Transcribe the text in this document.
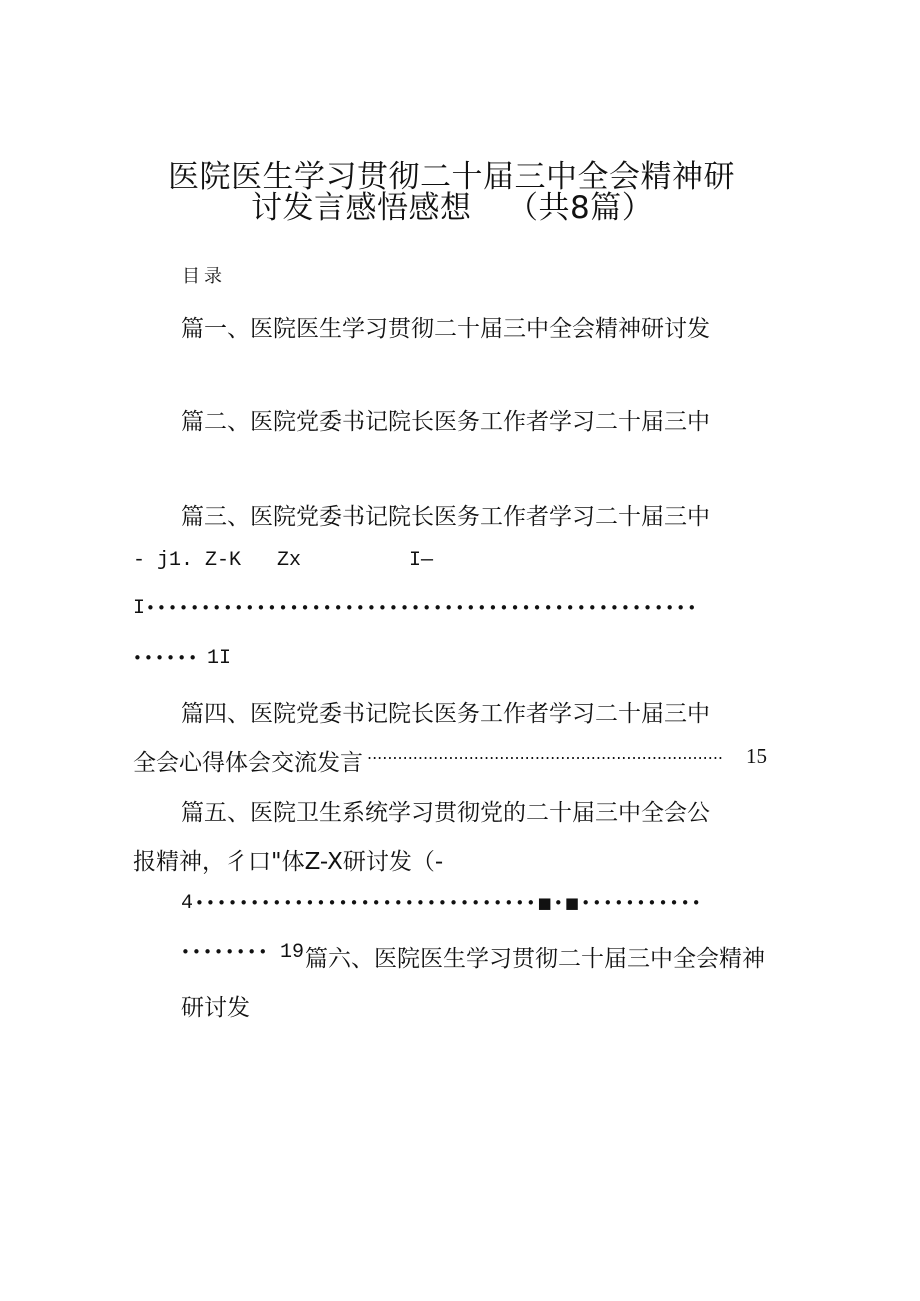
医院医生学习贯彻二十届三中全会精神研
讨发言感悟感想 （共8篇）
目录
篇一、医院医生学习贯彻二十届三中全会精神研讨发
篇二、医院党委书记院长医务工作者学习二十届三中
篇三、医院党委书记院长医务工作者学习二十届三中
- j1. Z-K   Zx         I—
I ••••••••••••••••••••••••••••••••••••••••••••••••••
•••••• 1I
篇四、医院党委书记院长医务工作者学习二十届三中
全会心得体会交流发言 ......................................................................	15
篇五、医院卫生系统学习贯彻党的二十届三中全会公
报精神，彳口"体Z-X研讨发（-
4 •••••••••••••••••••••••••••••••■•■•••••••••••
•••••••• 19 篇六、医院医生学习贯彻二十届三中全会精神
研讨发
